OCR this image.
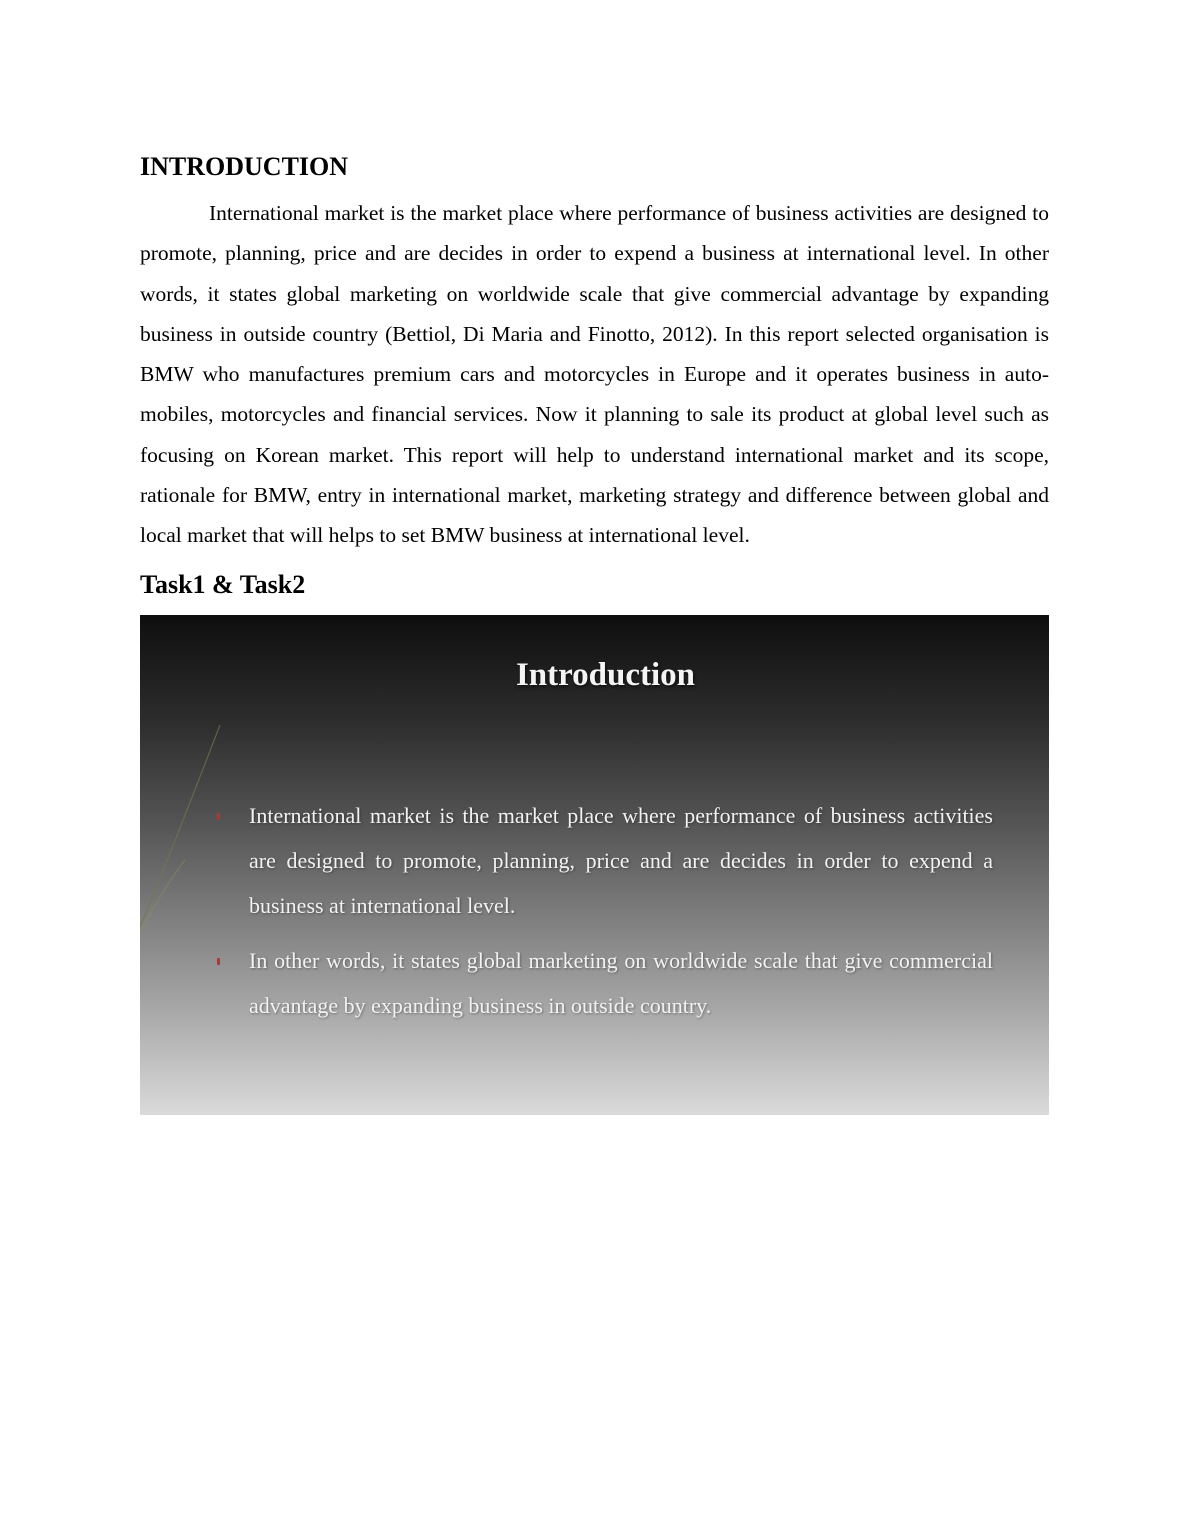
INTRODUCTION

International market is the market place where performance of business activities are designed to promote, planning, price and are decides in order to expend a business at international level. In other words, it states global marketing on worldwide scale that give commercial advantage by expanding business in outside country (Bettiol, Di Maria and Finotto, 2012). In this report selected organisation is BMW who manufactures premium cars and motorcycles in Europe and it operates business in auto-mobiles, motorcycles and financial services. Now it planning to sale its product at global level such as focusing on Korean market. This report will help to understand international market and its scope, rationale for BMW, entry in international market, marketing strategy and difference between global and local market that will helps to set BMW business at international level.

Task1 & Task2
Introduction
International market is the market place where performance of business activities are designed to promote, planning, price and are decides in order to expend a business at international level.
In other words, it states global marketing on worldwide scale that give commercial advantage by expanding business in outside country.
